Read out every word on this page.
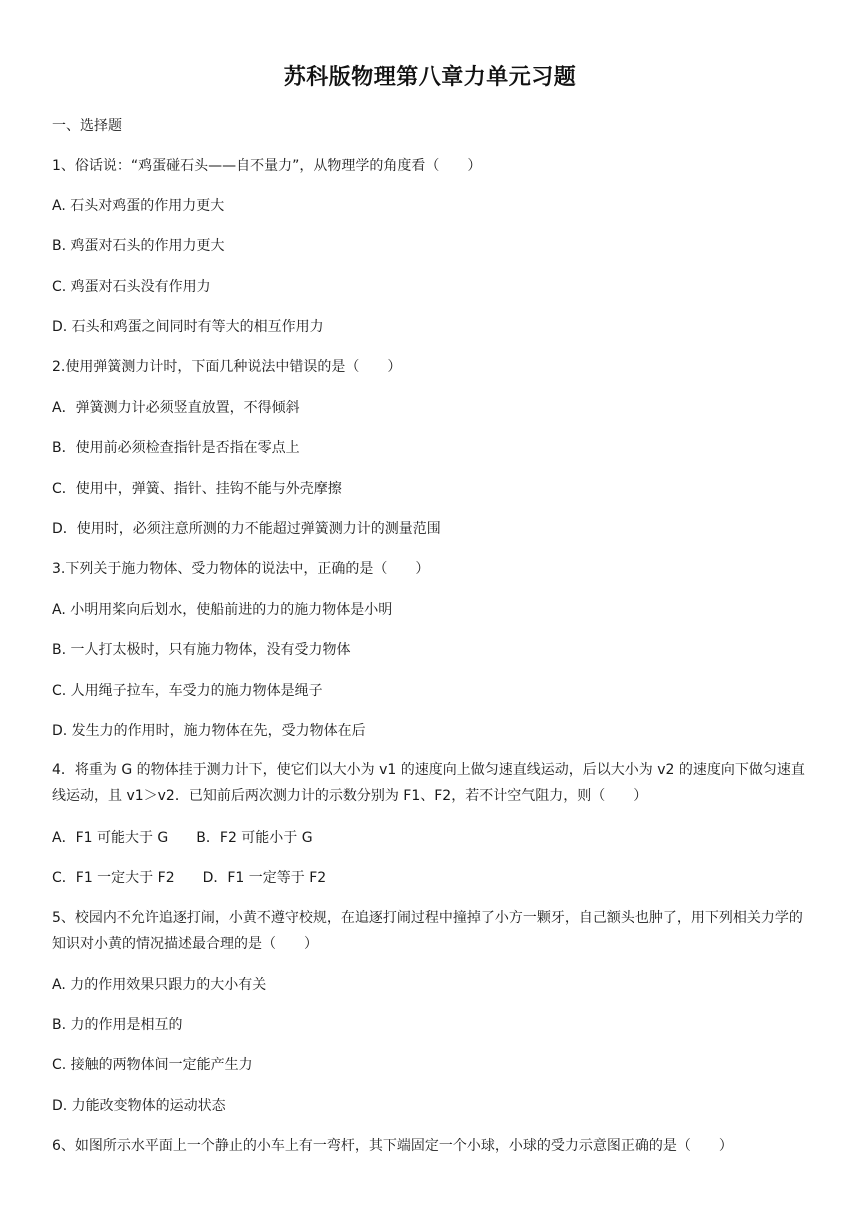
苏科版物理第八章力单元习题
一、选择题
1、俗话说：“鸡蛋碰石头——自不量力”，从物理学的角度看（　　）
A. 石头对鸡蛋的作用力更大
B. 鸡蛋对石头的作用力更大
C. 鸡蛋对石头没有作用力
D. 石头和鸡蛋之间同时有等大的相互作用力
2.使用弹簧测力计时，下面几种说法中错误的是（　　）
A．弹簧测力计必须竖直放置，不得倾斜
B．使用前必须检查指针是否指在零点上
C．使用中，弹簧、指针、挂钩不能与外壳摩擦
D．使用时，必须注意所测的力不能超过弹簧测力计的测量范围
3.下列关于施力物体、受力物体的说法中，正确的是（　　）
A. 小明用桨向后划水，使船前进的力的施力物体是小明
B. 一人打太极时，只有施力物体，没有受力物体
C. 人用绳子拉车，车受力的施力物体是绳子
D. 发生力的作用时，施力物体在先，受力物体在后
4．将重为 G 的物体挂于测力计下，使它们以大小为 v1 的速度向上做匀速直线运动，后以大小为 v2 的速度向下做匀速直线运动，且 v1＞v2．已知前后两次测力计的示数分别为 F1、F2，若不计空气阻力，则（　　）
A．F1 可能大于 G　　B．F2 可能小于 G
C．F1 一定大于 F2　　D．F1 一定等于 F2
5、校园内不允许追逐打闹，小黄不遵守校规，在追逐打闹过程中撞掉了小方一颗牙，自己额头也肿了，用下列相关力学的知识对小黄的情况描述最合理的是（　　）
A. 力的作用效果只跟力的大小有关
B. 力的作用是相互的
C. 接触的两物体间一定能产生力
D. 力能改变物体的运动状态
6、如图所示水平面上一个静止的小车上有一弯杆，其下端固定一个小球，小球的受力示意图正确的是（　　）
